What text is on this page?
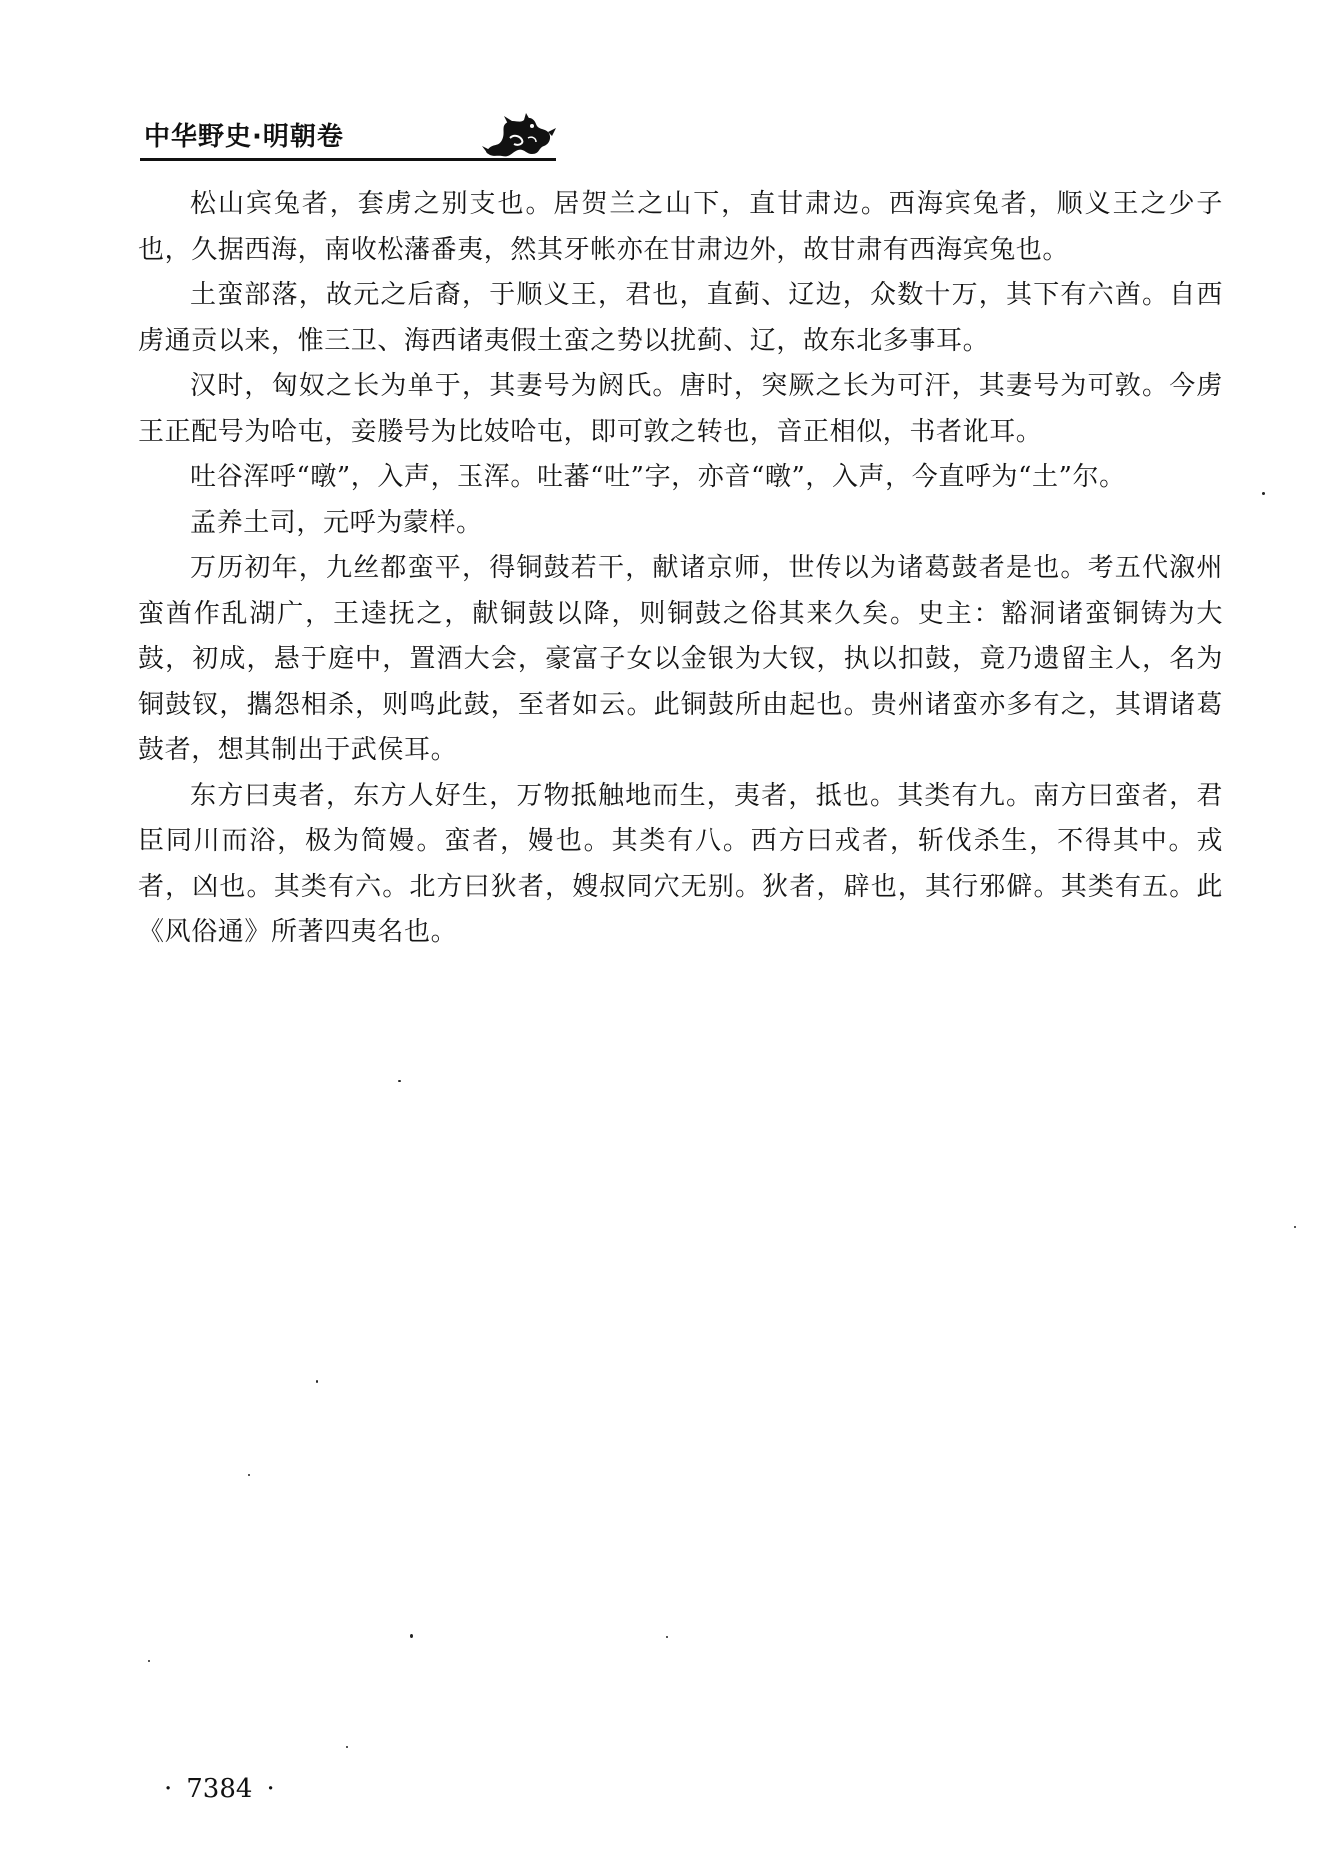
中华野史·明朝卷

松山宾兔者，套虏之别支也。居贺兰之山下，直甘肃边。西海宾兔者，顺义王之少子也，久据西海，南收松藩番夷，然其牙帐亦在甘肃边外，故甘肃有西海宾兔也。

土蛮部落，故元之后裔，于顺义王，君也，直蓟、辽边，众数十万，其下有六酋。自西虏通贡以来，惟三卫、海西诸夷假土蛮之势以扰蓟、辽，故东北多事耳。

汉时，匈奴之长为单于，其妻号为阏氏。唐时，突厥之长为可汗，其妻号为可敦。今虏王正配号为哈屯，妾媵号为比妓哈屯，即可敦之转也，音正相似，书者讹耳。

吐谷浑呼“暾”，入声，玉浑。吐蕃“吐”字，亦音“暾”，入声，今直呼为“土”尔。

孟养土司，元呼为蒙样。

万历初年，九丝都蛮平，得铜鼓若干，献诸京师，世传以为诸葛鼓者是也。考五代溆州蛮酋作乱湖广，王逵抚之，献铜鼓以降，则铜鼓之俗其来久矣。史主：豁洞诸蛮铜铸为大鼓，初成，悬于庭中，置酒大会，豪富子女以金银为大钗，执以扣鼓，竟乃遗留主人，名为铜鼓钗，攜怨相杀，则鸣此鼓，至者如云。此铜鼓所由起也。贵州诸蛮亦多有之，其谓诸葛鼓者，想其制出于武侯耳。

东方曰夷者，东方人好生，万物抵触地而生，夷者，抵也。其类有九。南方曰蛮者，君臣同川而浴，极为简嫚。蛮者，嫚也。其类有八。西方曰戎者，斩伐杀生，不得其中。戎者，凶也。其类有六。北方曰狄者，嫂叔同穴无别。狄者，辟也，其行邪僻。其类有五。此《风俗通》所著四夷名也。

· 7384 ·
